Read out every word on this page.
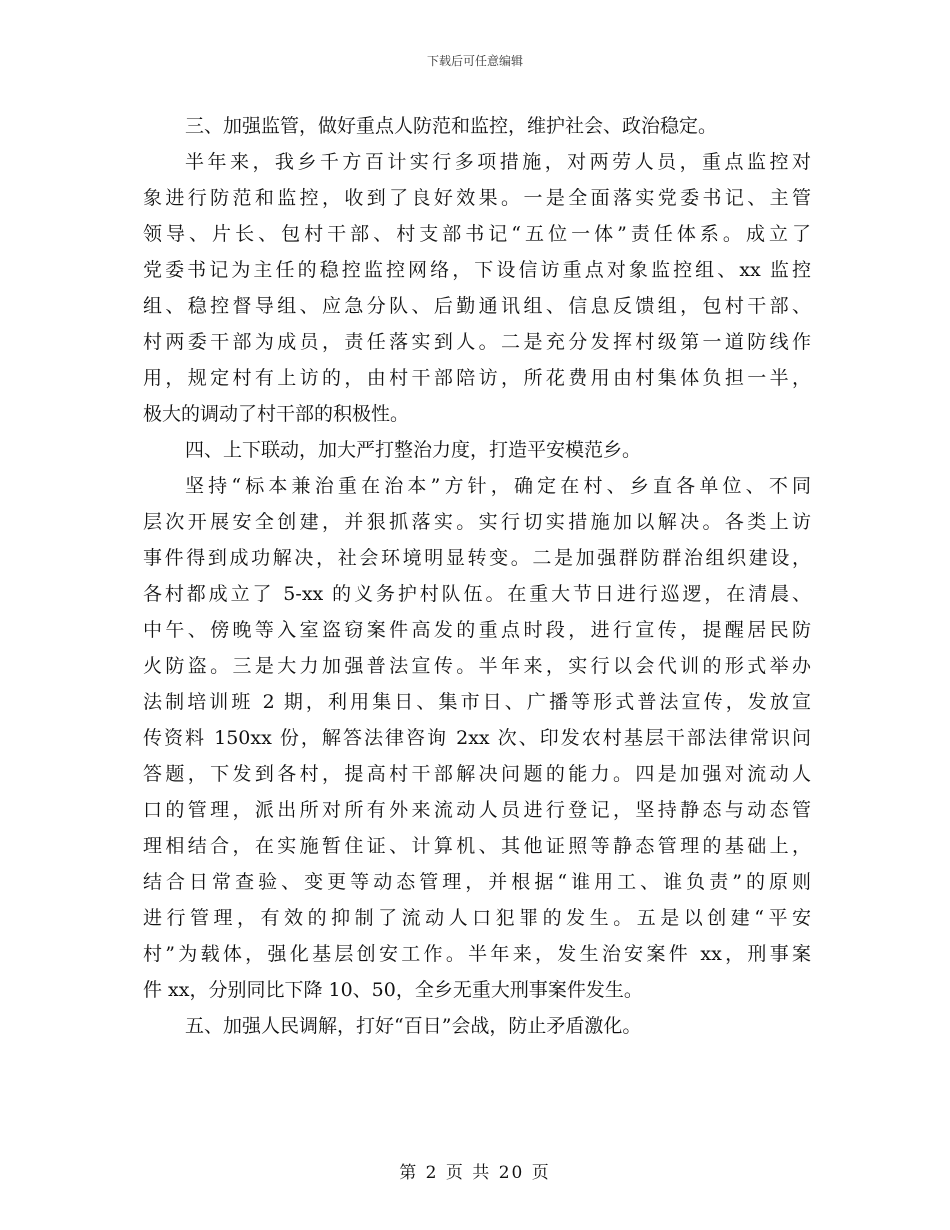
下载后可任意编辑
三、加强监管，做好重点人防范和监控，维护社会、政治稳定。
半年来，我乡千方百计实行多项措施，对两劳人员，重点监控对
象进行防范和监控，收到了良好效果。一是全面落实党委书记、主管
领导、片长、包村干部、村支部书记“五位一体”责任体系。成立了
党委书记为主任的稳控监控网络，下设信访重点对象监控组、xx 监控
组、稳控督导组、应急分队、后勤通讯组、信息反馈组，包村干部、
村两委干部为成员，责任落实到人。二是充分发挥村级第一道防线作
用，规定村有上访的，由村干部陪访，所花费用由村集体负担一半，
极大的调动了村干部的积极性。
四、上下联动，加大严打整治力度，打造平安模范乡。
坚持“标本兼治重在治本”方针，确定在村、乡直各单位、不同
层次开展安全创建，并狠抓落实。实行切实措施加以解决。各类上访
事件得到成功解决，社会环境明显转变。二是加强群防群治组织建设，
各村都成立了 5-xx 的义务护村队伍。在重大节日进行巡逻，在清晨、
中午、傍晚等入室盗窃案件高发的重点时段，进行宣传，提醒居民防
火防盗。三是大力加强普法宣传。半年来，实行以会代训的形式举办
法制培训班 2 期，利用集日、集市日、广播等形式普法宣传，发放宣
传资料 150xx 份，解答法律咨询 2xx 次、印发农村基层干部法律常识问
答题，下发到各村，提高村干部解决问题的能力。四是加强对流动人
口的管理，派出所对所有外来流动人员进行登记，坚持静态与动态管
理相结合，在实施暂住证、计算机、其他证照等静态管理的基础上，
结合日常查验、变更等动态管理，并根据“谁用工、谁负责”的原则
进行管理，有效的抑制了流动人口犯罪的发生。五是以创建“平安
村”为载体，强化基层创安工作。半年来，发生治安案件 xx，刑事案
件 xx，分别同比下降 10、50，全乡无重大刑事案件发生。
五、加强人民调解，打好“百日”会战，防止矛盾激化。
第 2 页 共 20 页
